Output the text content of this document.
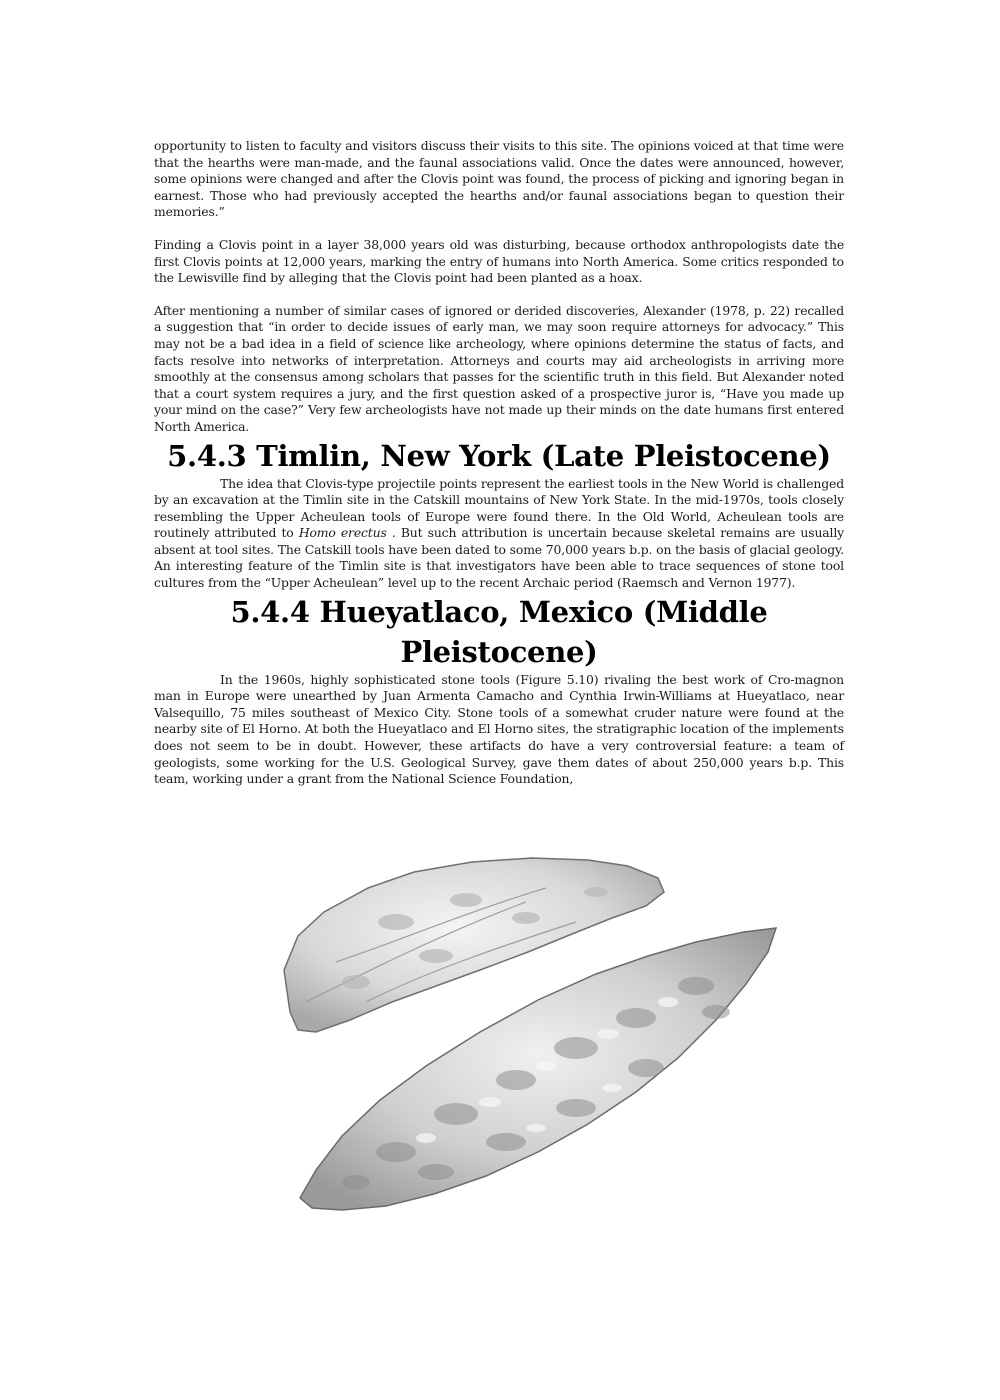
opportunity to listen to faculty and visitors discuss their visits to this site. The opinions voiced at that time were that the hearths were man-made, and the faunal associations valid. Once the dates were announced, however, some opinions were changed and after the Clovis point was found, the process of picking and ignoring began in earnest. Those who had previously accepted the hearths and/or faunal associations began to question their memories.”

Finding a Clovis point in a layer 38,000 years old was disturbing, because orthodox anthropologists date the first Clovis points at 12,000 years, marking the entry of humans into North America. Some critics responded to the Lewisville find by alleging that the Clovis point had been planted as a hoax.

After mentioning a number of similar cases of ignored or derided discoveries, Alexander (1978, p. 22) recalled a suggestion that “in order to decide issues of early man, we may soon require attorneys for advocacy.” This may not be a bad idea in a field of science like archeology, where opinions determine the status of facts, and facts resolve into networks of interpretation. Attorneys and courts may aid archeologists in arriving more smoothly at the consensus among scholars that passes for the scientific truth in this field. But Alexander noted that a court system requires a jury, and the first question asked of a prospective juror is, “Have you made up your mind on the case?” Very few archeologists have not made up their minds on the date humans first entered North America.

5.4.3 Timlin, New York (Late Pleistocene)

The idea that Clovis-type projectile points represent the earliest tools in the New World is challenged by an excavation at the Timlin site in the Catskill mountains of New York State. In the mid-1970s, tools closely resembling the Upper Acheulean tools of Europe were found there. In the Old World, Acheulean tools are routinely attributed to Homo erectus . But such attribution is uncertain because skeletal remains are usually absent at tool sites. The Catskill tools have been dated to some 70,000 years b.p. on the basis of glacial geology. An interesting feature of the Timlin site is that investigators have been able to trace sequences of stone tool cultures from the “Upper Acheulean” level up to the recent Archaic period (Raemsch and Vernon 1977).

5.4.4 Hueyatlaco, Mexico (Middle Pleistocene)

In the 1960s, highly sophisticated stone tools (Figure 5.10) rivaling the best work of Cro-magnon man in Europe were unearthed by Juan Armenta Camacho and Cynthia Irwin-Williams at Hueyatlaco, near Valsequillo, 75 miles southeast of Mexico City. Stone tools of a somewhat cruder nature were found at the nearby site of El Horno. At both the Hueyatlaco and El Horno sites, the stratigraphic location of the implements does not seem to be in doubt. However, these artifacts do have a very controversial feature: a team of geologists, some working for the U.S. Geological Survey, gave them dates of about 250,000 years b.p. This team, working under a grant from the National Science Foundation,
